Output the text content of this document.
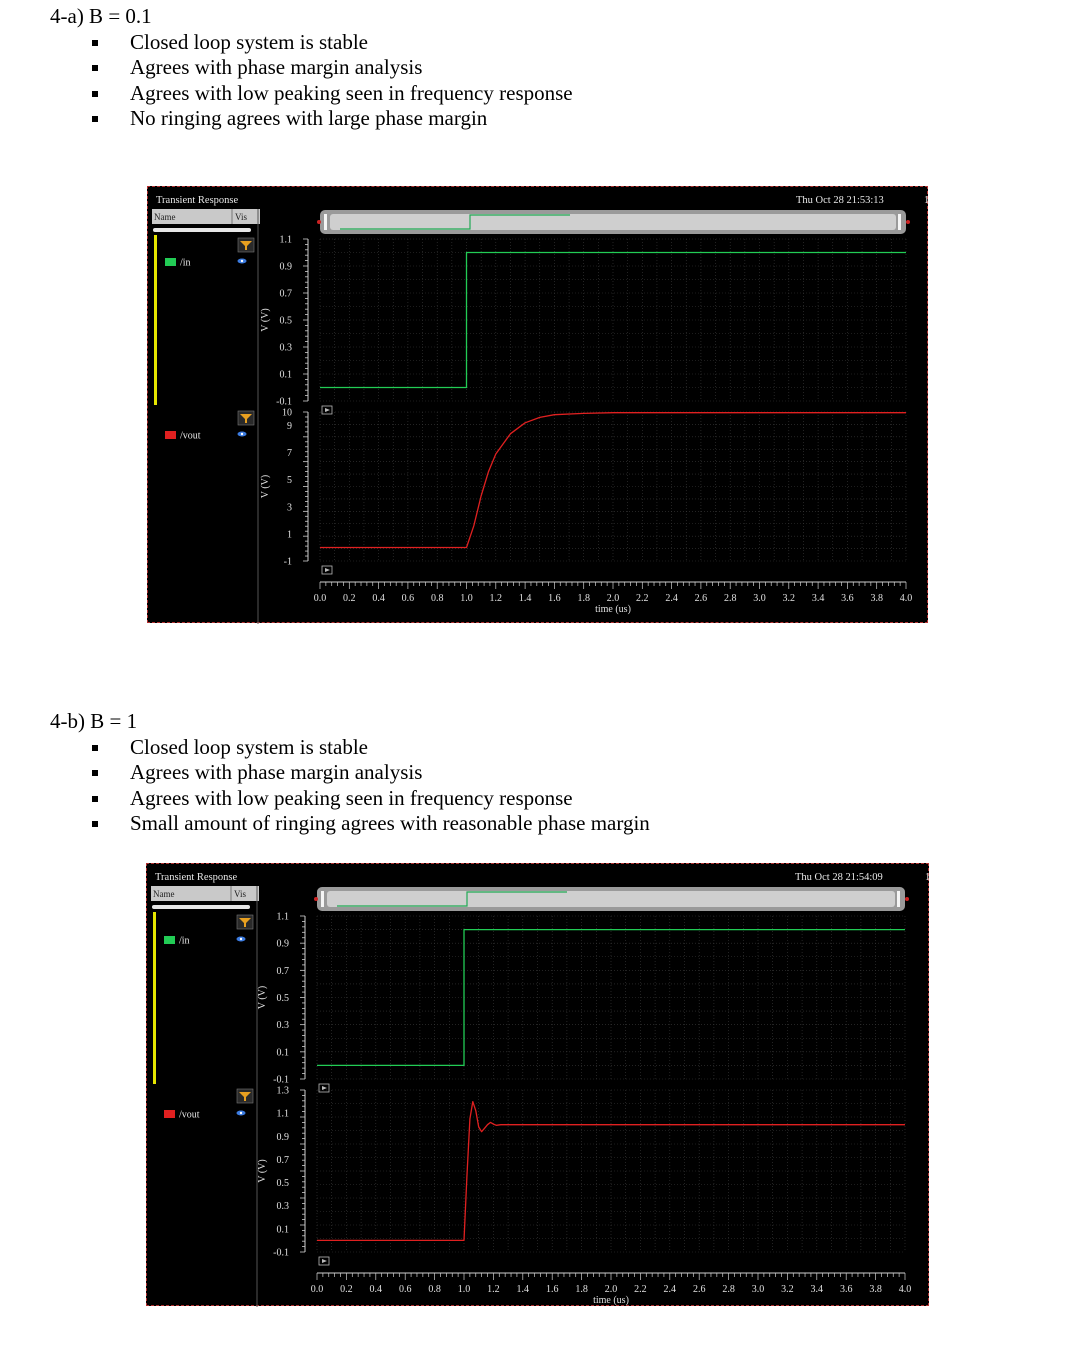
4-a) B = 0.1
Closed loop system is stable
Agrees with phase margin analysis
Agrees with low peaking seen in frequency response
No ringing agrees with large phase margin
Transient Response	Thu Oct 28 21:53:13	1
Name	Vis
1.1
0.9
0.7
0.5
0.3
0.1
-0.1
V (V)
/in
10
9
7
5
3
1
-1
V (V)
/vout
0.0 0.2 0.4 0.6 0.8 1.0 1.2 1.4 1.6 1.8 2.0 2.2 2.4 2.6 2.8 3.0 3.2 3.4 3.6 3.8 4.0
time (us)
4-b) B = 1
Closed loop system is stable
Agrees with phase margin analysis
Agrees with low peaking seen in frequency response
Small amount of ringing agrees with reasonable phase margin
Transient Response	Thu Oct 28 21:54:09	1
Name	Vis
1.1
0.9
0.7
0.5
0.3
0.1
-0.1
V (V)
/in
1.3
1.1
0.9
0.7
0.5
0.3
0.1
-0.1
V (V)
/vout
0.0 0.2 0.4 0.6 0.8 1.0 1.2 1.4 1.6 1.8 2.0 2.2 2.4 2.6 2.8 3.0 3.2 3.4 3.6 3.8 4.0
time (us)
